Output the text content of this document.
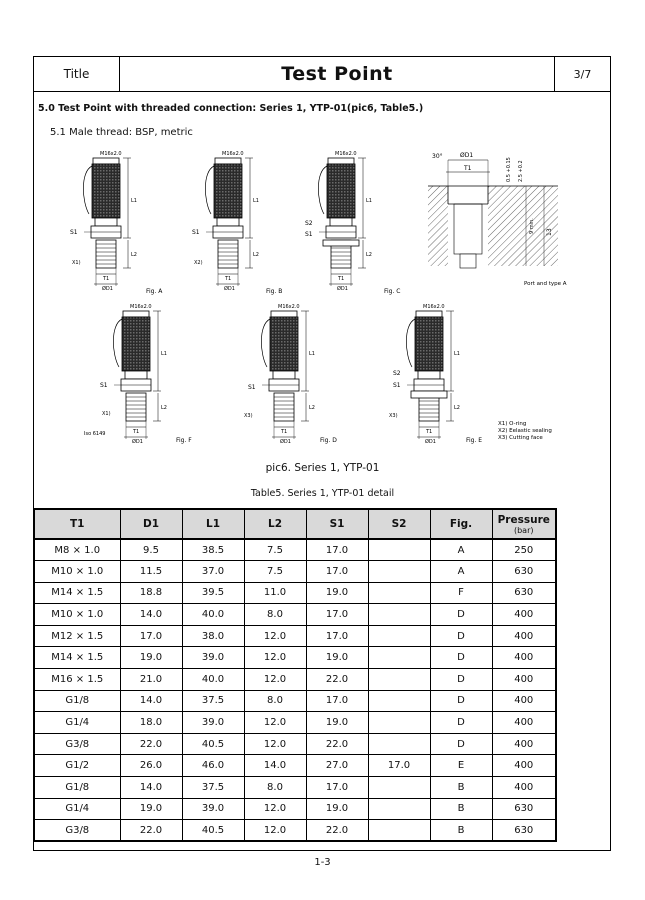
Title	Test Point	3/7
5.0 Test Point with threaded connection: Series 1, YTP-01(pic6, Table5.)
5.1 Male thread: BSP, metric
M16x2.0
L1
L2
S1
X1)
T1
ØD1	Fig. A
M16x2.0
L1
L2
S1
X2)
T1
ØD1	Fig. B
M16x2.0
L1
L2
S2
S1
T1
ØD1	Fig. C
30°	ØD1
T1	0.5 +0.15 2.5 +0.2
9 min. 13
Port and type A
M16x2.0
L1
L2
S1
X1)
Iso 6149	T1
ØD1	Fig. F
M16x2.0
L1
L2
S1
X3)
T1
ØD1	Fig. D
M16x2.0
L1
L2
S2
S1
X3)
T1
ØD1	Fig. E
X1) O-ring
X2) Eelastic sealing
X3) Cutting face
pic6. Series 1, YTP-01
Table5. Series 1, YTP-01 detail
T1	D1	L1	L2	S1	S2	Fig.	Pressure
(bar)

M8 × 1.0	9.5	38.5	7.5	17.0		A	250
M10 × 1.0	11.5	37.0	7.5	17.0		A	630
M14 × 1.5	18.8	39.5	11.0	19.0		F	630
M10 × 1.0	14.0	40.0	8.0	17.0		D	400
M12 × 1.5	17.0	38.0	12.0	17.0		D	400
M14 × 1.5	19.0	39.0	12.0	19.0		D	400
M16 × 1.5	21.0	40.0	12.0	22.0		D	400
G1/8	14.0	37.5	8.0	17.0		D	400
G1/4	18.0	39.0	12.0	19.0		D	400
G3/8	22.0	40.5	12.0	22.0		D	400
G1/2	26.0	46.0	14.0	27.0	17.0	E	400
G1/8	14.0	37.5	8.0	17.0		B	400
G1/4	19.0	39.0	12.0	19.0		B	630
G3/8	22.0	40.5	12.0	22.0		B	630
1-3
